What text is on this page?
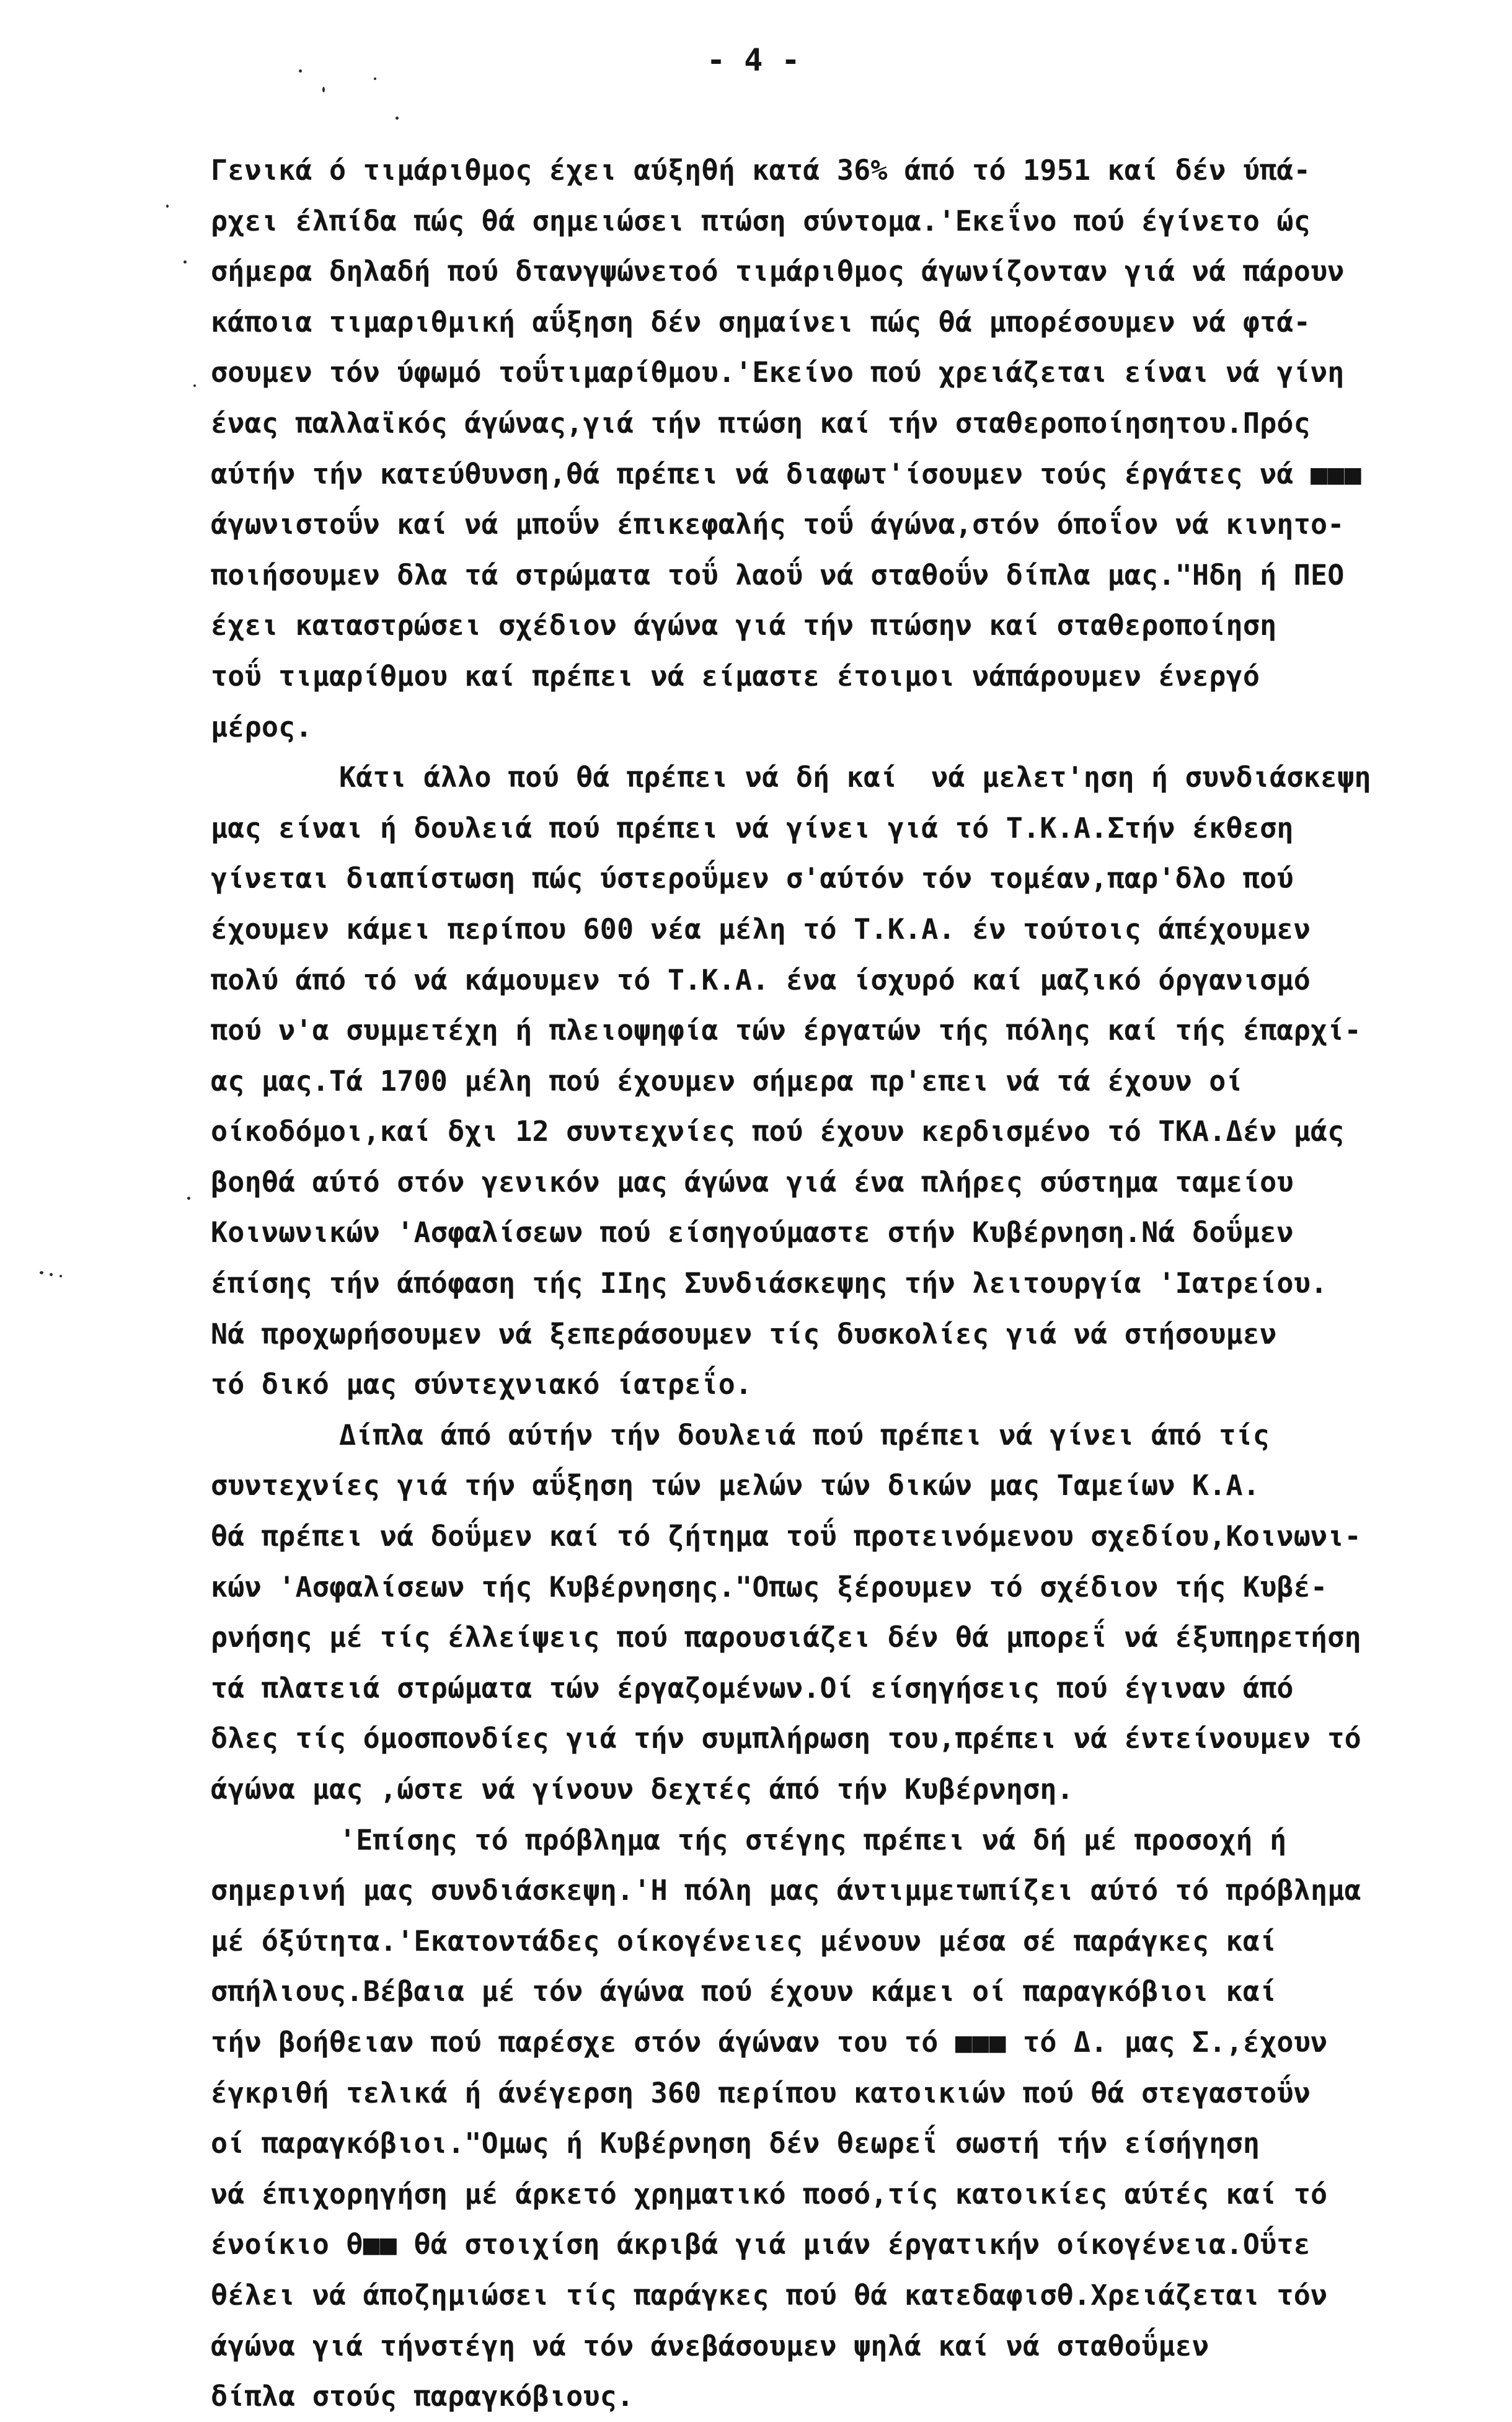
- 4 -
Γενικά ό τιμάριθμος έχει αύξηθή κατά 36% άπό τό 1951 καί δέν ύπά-
ρχει έλπίδα πώς θά σημειώσει πτώση σύντομα.'Εκεΐνο πού έγίνετο ώς
σήμερα δηλαδή πού δτανγψώνετοό τιμάριθμος άγωνίζονταν γιά νά πάρουν
κάποια τιμαριθμική αΰξηση δέν σημαίνει πώς θά μπορέσουμεν νά φτά-
σουμεν τόν ύφωμό τοΰτιμαρίθμου.'Εκείνο πού χρειάζεται είναι νά γίνη
ένας παλλαϊκός άγώνας,γιά τήν πτώση καί τήν σταθεροποίησητου.Πρός
αύτήν τήν κατεύθυνση,θά πρέπει νά διαφωτ'ίσουμεν τούς έργάτες νά ■■■
άγωνιστοΰν καί νά μποΰν έπικεφαλής τοΰ άγώνα,στόν όποΐον νά κινητο-
ποιήσουμεν δλα τά στρώματα τοΰ λαοΰ νά σταθοΰν δίπλα μας."Ηδη ή ΠΕΟ
έχει καταστρώσει σχέδιον άγώνα γιά τήν πτώσην καί σταθεροποίηση
τοΰ τιμαρίθμου καί πρέπει νά είμαστε έτοιμοι νάπάρουμεν ένεργό
μέρος.
Κάτι άλλο πού θά πρέπει νά δή καί  νά μελετ'ηση ή συνδιάσκεψη
μας είναι ή δουλειά πού πρέπει νά γίνει γιά τό Τ.Κ.Α.Στήν έκθεση
γίνεται διαπίστωση πώς ύστεροΰμεν σ'αύτόν τόν τομέαν,παρ'δλο πού
έχουμεν κάμει περίπου 600 νέα μέλη τό Τ.Κ.Α. έν τούτοις άπέχουμεν
πολύ άπό τό νά κάμουμεν τό Τ.Κ.Α. ένα ίσχυρό καί μαζικό όργανισμό
πού ν'α συμμετέχη ή πλειοψηφία τών έργατών τής πόλης καί τής έπαρχί-
ας μας.Τά 1700 μέλη πού έχουμεν σήμερα πρ'επει νά τά έχουν οί
οίκοδόμοι,καί δχι 12 συντεχνίες πού έχουν κερδισμένο τό ΤΚΑ.Δέν μάς
βοηθά αύτό στόν γενικόν μας άγώνα γιά ένα πλήρες σύστημα ταμείου
Κοινωνικών 'Ασφαλίσεων πού είσηγούμαστε στήν Κυβέρνηση.Νά δοΰμεν
έπίσης τήν άπόφαση τής IIης Συνδιάσκεψης τήν λειτουργία 'Ιατρείου.
Νά προχωρήσουμεν νά ξεπεράσουμεν τίς δυσκολίες γιά νά στήσουμεν
τό δικό μας σύντεχνιακό ίατρεΐο.
Δίπλα άπό αύτήν τήν δουλειά πού πρέπει νά γίνει άπό τίς
συντεχνίες γιά τήν αΰξηση τών μελών τών δικών μας Ταμείων Κ.Α.
θά πρέπει νά δοΰμεν καί τό ζήτημα τοΰ προτεινόμενου σχεδίου,Κοινωνι-
κών 'Ασφαλίσεων τής Κυβέρνησης."Οπως ξέρουμεν τό σχέδιον τής Κυβέ-
ρνήσης μέ τίς έλλείψεις πού παρουσιάζει δέν θά μπορεΐ νά έξυπηρετήση
τά πλατειά στρώματα τών έργαζομένων.Οί είσηγήσεις πού έγιναν άπό
δλες τίς όμοσπονδίες γιά τήν συμπλήρωση του,πρέπει νά έντείνουμεν τό
άγώνα μας ,ώστε νά γίνουν δεχτές άπό τήν Κυβέρνηση.
'Επίσης τό πρόβλημα τής στέγης πρέπει νά δή μέ προσοχή ή
σημερινή μας συνδιάσκεψη.'Η πόλη μας άντιμμετωπίζει αύτό τό πρόβλημα
μέ όξύτητα.'Εκατοντάδες οίκογένειες μένουν μέσα σέ παράγκες καί
σπήλιους.Βέβαια μέ τόν άγώνα πού έχουν κάμει οί παραγκόβιοι καί
τήν βοήθειαν πού παρέσχε στόν άγώναν του τό ■■■ τό Δ. μας Σ.,έχουν
έγκριθή τελικά ή άνέγερση 360 περίπου κατοικιών πού θά στεγαστοΰν
οί παραγκόβιοι."Ομως ή Κυβέρνηση δέν θεωρεΐ σωστή τήν είσήγηση
νά έπιχορηγήση μέ άρκετό χρηματικό ποσό,τίς κατοικίες αύτές καί τό
ένοίκιο θ■■ θά στοιχίση άκριβά γιά μιάν έργατικήν οίκογένεια.Οΰτε
θέλει νά άποζημιώσει τίς παράγκες πού θά κατεδαφισθ.Χρειάζεται τόν
άγώνα γιά τήνστέγη νά τόν άνεβάσουμεν ψηλά καί νά σταθοΰμεν
δίπλα στούς παραγκόβιους.
